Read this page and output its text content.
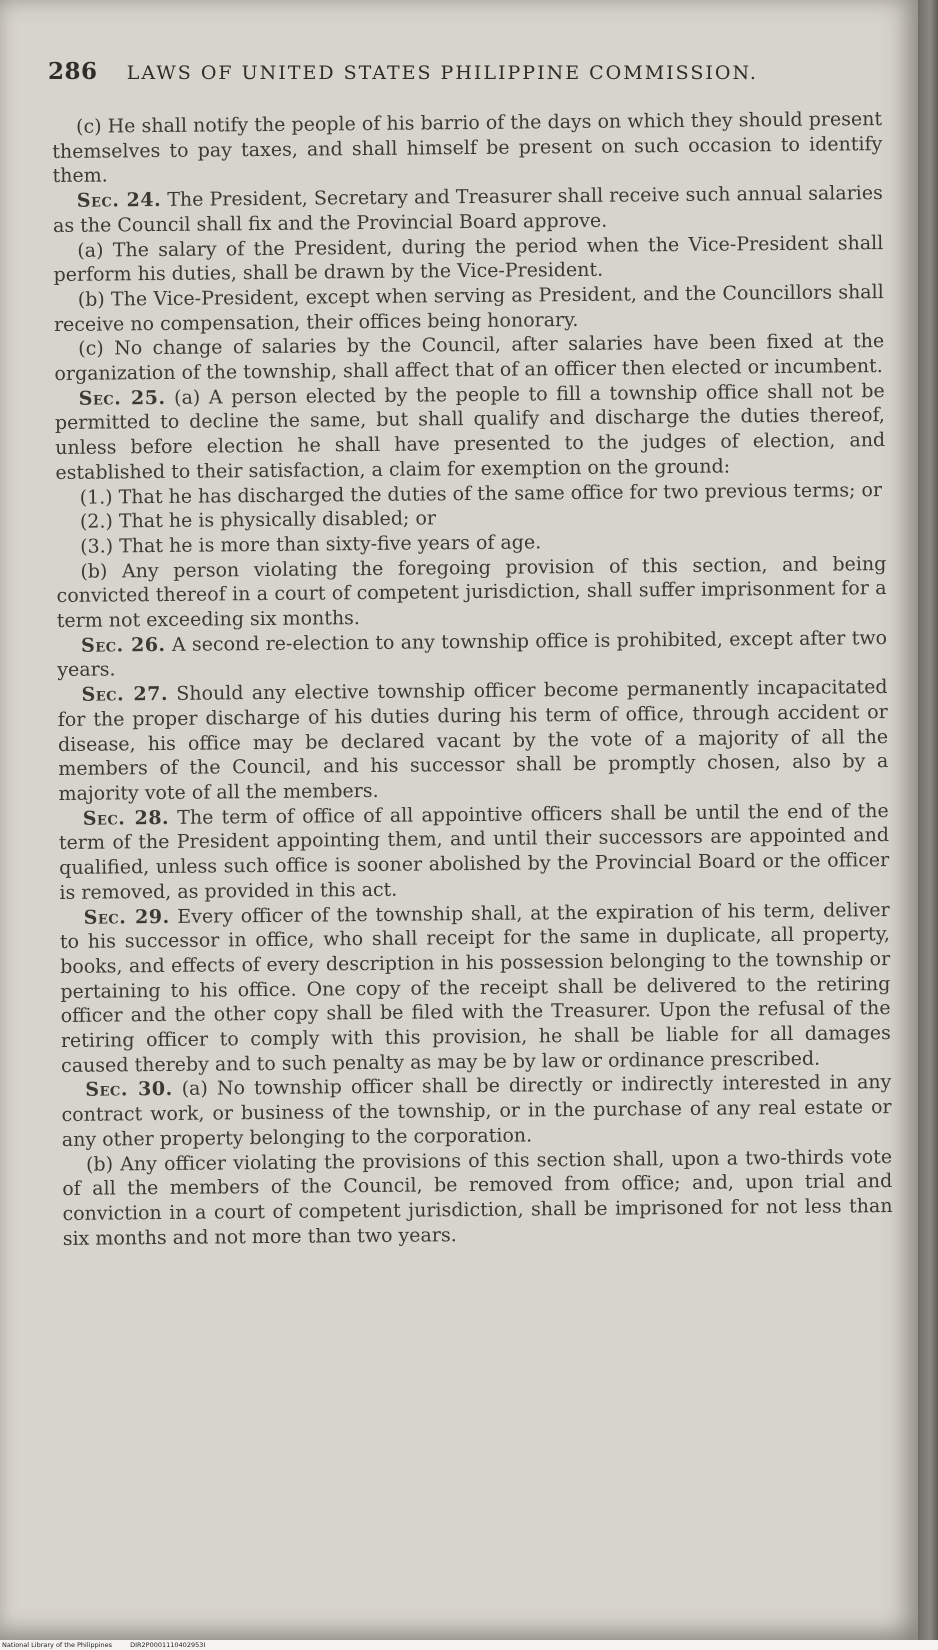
286 LAWS OF UNITED STATES PHILIPPINE COMMISSION.

(c) He shall notify the people of his barrio of the days on which they should present themselves to pay taxes, and shall himself be present on such occasion to identify them.

Sec. 24. The President, Secretary and Treasurer shall receive such annual salaries as the Council shall fix and the Provincial Board approve.

(a) The salary of the President, during the period when the Vice-President shall perform his duties, shall be drawn by the Vice-President.

(b) The Vice-President, except when serving as President, and the Councillors shall receive no compensation, their offices being honorary.

(c) No change of salaries by the Council, after salaries have been fixed at the organization of the township, shall affect that of an officer then elected or incumbent.

Sec. 25. (a) A person elected by the people to fill a township office shall not be permitted to decline the same, but shall qualify and discharge the duties thereof, unless before election he shall have presented to the judges of election, and established to their satisfaction, a claim for exemption on the ground:

(1.) That he has discharged the duties of the same office for two previous terms; or

(2.) That he is physically disabled; or

(3.) That he is more than sixty-five years of age.

(b) Any person violating the foregoing provision of this section, and being convicted thereof in a court of competent jurisdiction, shall suffer imprisonment for a term not exceeding six months.

Sec. 26. A second re-election to any township office is prohibited, except after two years.

Sec. 27. Should any elective township officer become permanently incapacitated for the proper discharge of his duties during his term of office, through accident or disease, his office may be declared vacant by the vote of a majority of all the members of the Council, and his successor shall be promptly chosen, also by a majority vote of all the members.

Sec. 28. The term of office of all appointive officers shall be until the end of the term of the President appointing them, and until their successors are appointed and qualified, unless such office is sooner abolished by the Provincial Board or the officer is removed, as provided in this act.

Sec. 29. Every officer of the township shall, at the expiration of his term, deliver to his successor in office, who shall receipt for the same in duplicate, all property, books, and effects of every description in his possession belonging to the township or pertaining to his office. One copy of the receipt shall be delivered to the retiring officer and the other copy shall be filed with the Treasurer. Upon the refusal of the retiring officer to comply with this provision, he shall be liable for all damages caused thereby and to such penalty as may be by law or ordinance prescribed.

Sec. 30. (a) No township officer shall be directly or indirectly interested in any contract work, or business of the township, or in the purchase of any real estate or any other property belonging to the corporation.

(b) Any officer violating the provisions of this section shall, upon a two-thirds vote of all the members of the Council, be removed from office; and, upon trial and conviction in a court of competent jurisdiction, shall be imprisoned for not less than six months and not more than two years.

National Library of the Philippines	DIR2P0001110402953I
